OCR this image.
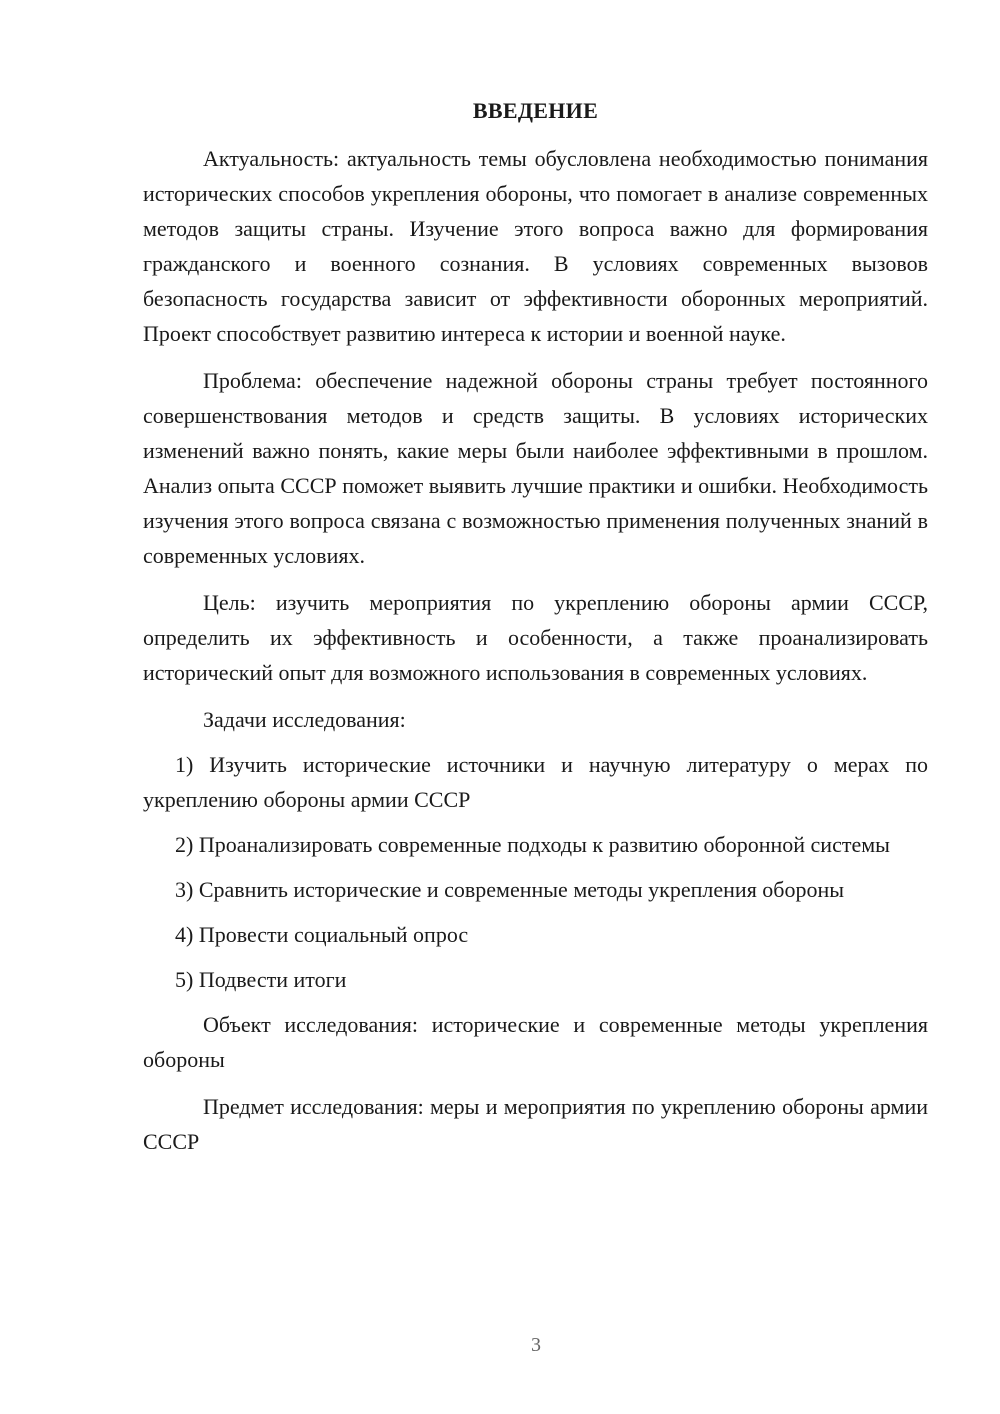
ВВЕДЕНИЕ

Актуальность: актуальность темы обусловлена необходимостью понимания исторических способов укрепления обороны, что помогает в анализе современных методов защиты страны. Изучение этого вопроса важно для формирования гражданского и военного сознания. В условиях современных вызовов безопасность государства зависит от эффективности оборонных мероприятий. Проект способствует развитию интереса к истории и военной науке.

Проблема: обеспечение надежной обороны страны требует постоянного совершенствования методов и средств защиты. В условиях исторических изменений важно понять, какие меры были наиболее эффективными в прошлом. Анализ опыта СССР поможет выявить лучшие практики и ошибки. Необходимость изучения этого вопроса связана с возможностью применения полученных знаний в современных условиях.

Цель: изучить мероприятия по укреплению обороны армии СССР, определить их эффективность и особенности, а также проанализировать исторический опыт для возможного использования в современных условиях.

Задачи исследования:

1) Изучить исторические источники и научную литературу о мерах по укреплению обороны армии СССР

2) Проанализировать современные подходы к развитию оборонной системы

3) Сравнить исторические и современные методы укрепления обороны

4) Провести социальный опрос

5) Подвести итоги

Объект исследования: исторические и современные методы укрепления обороны

Предмет исследования: меры и мероприятия по укреплению обороны армии СССР

3
